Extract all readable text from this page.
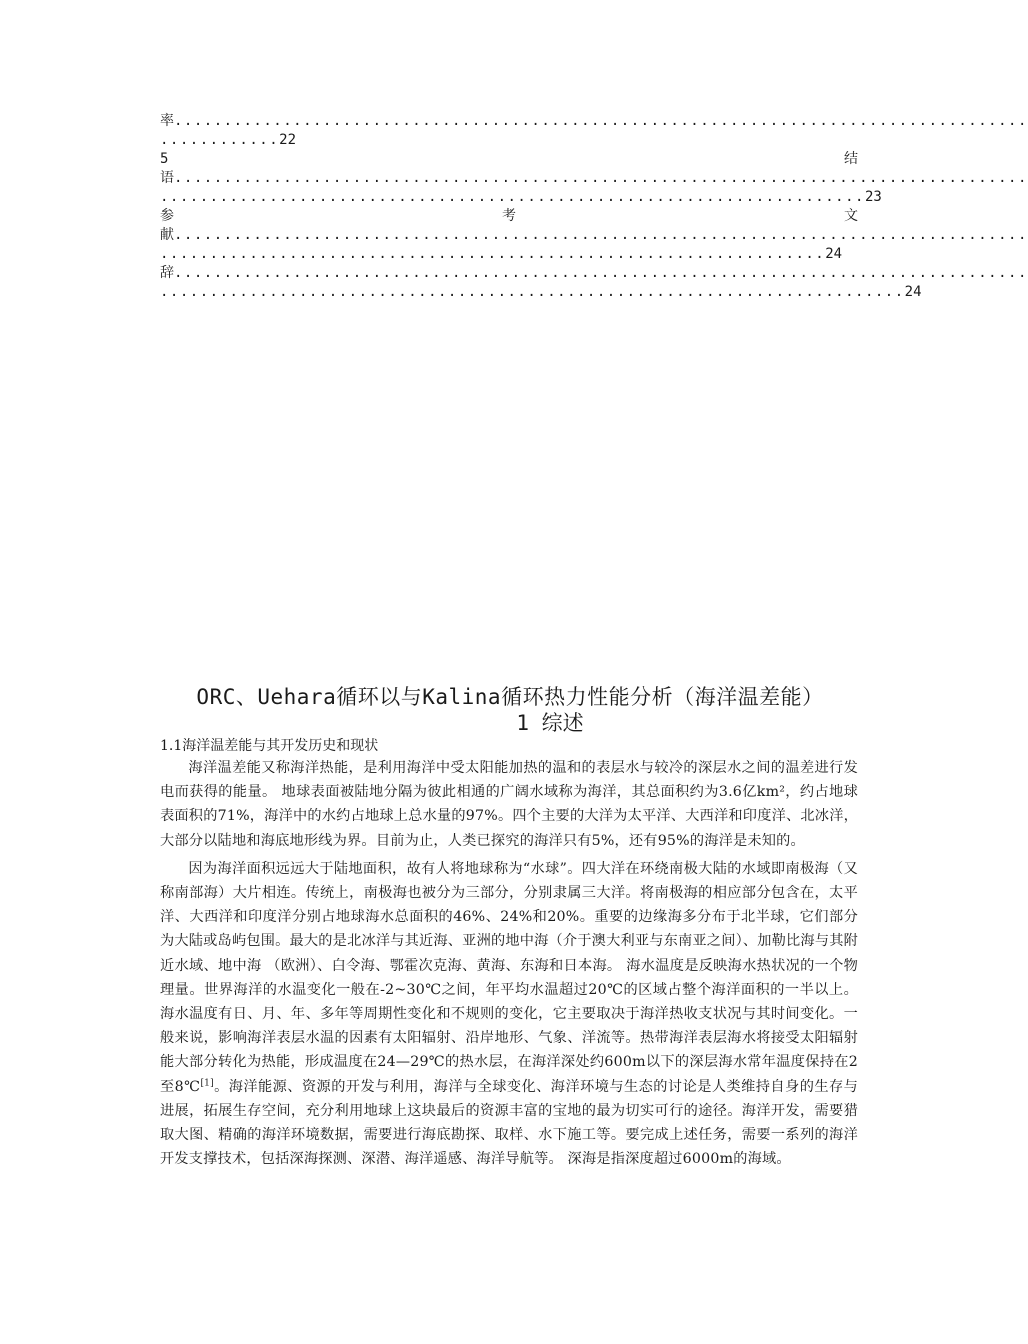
率......................................................................................
............22
5	结
语......................................................................................
.......................................................................23
参	考	文
献......................................................................................
...................................................................24
辞......................................................................................
...........................................................................24
ORC、Uehara循环以与Kalina循环热力性能分析（海洋温差能）
1 综述
1.1海洋温差能与其开发历史和现状

海洋温差能又称海洋热能，是利用海洋中受太阳能加热的温和的表层水与较冷的深层水之间的温差进行发电而获得的能量。 地球表面被陆地分隔为彼此相通的广阔水域称为海洋，其总面积约为3.6亿km²，约占地球表面积的71%，海洋中的水约占地球上总水量的97%。四个主要的大洋为太平洋、大西洋和印度洋、北冰洋，大部分以陆地和海底地形线为界。目前为止，人类已探究的海洋只有5%，还有95%的海洋是未知的。

因为海洋面积远远大于陆地面积，故有人将地球称为“水球”。四大洋在环绕南极大陆的水域即南极海（又称南部海）大片相连。传统上，南极海也被分为三部分，分别隶属三大洋。将南极海的相应部分包含在，太平洋、大西洋和印度洋分别占地球海水总面积的46%、24%和20%。重要的边缘海多分布于北半球，它们部分为大陆或岛屿包围。最大的是北冰洋与其近海、亚洲的地中海（介于澳大利亚与东南亚之间）、加勒比海与其附近水域、地中海 （欧洲）、白令海、鄂霍次克海、黄海、东海和日本海。 海水温度是反映海水热状况的一个物理量。世界海洋的水温变化一般在-2~30℃之间，年平均水温超过20℃的区域占整个海洋面积的一半以上。海水温度有日、月、年、多年等周期性变化和不规则的变化，它主要取决于海洋热收支状况与其时间变化。一般来说，影响海洋表层水温的因素有太阳辐射、沿岸地形、气象、洋流等。热带海洋表层海水将接受太阳辐射能大部分转化为热能，形成温度在24—29℃的热水层，在海洋深处约600m以下的深层海水常年温度保持在2至8℃[1]。海洋能源、资源的开发与利用，海洋与全球变化、海洋环境与生态的讨论是人类维持自身的生存与进展，拓展生存空间，充分利用地球上这块最后的资源丰富的宝地的最为切实可行的途径。海洋开发，需要猎取大图、精确的海洋环境数据，需要进行海底勘探、取样、水下施工等。要完成上述任务，需要一系列的海洋开发支撑技术，包括深海探测、深潜、海洋遥感、海洋导航等。 深海是指深度超过6000m的海域。
